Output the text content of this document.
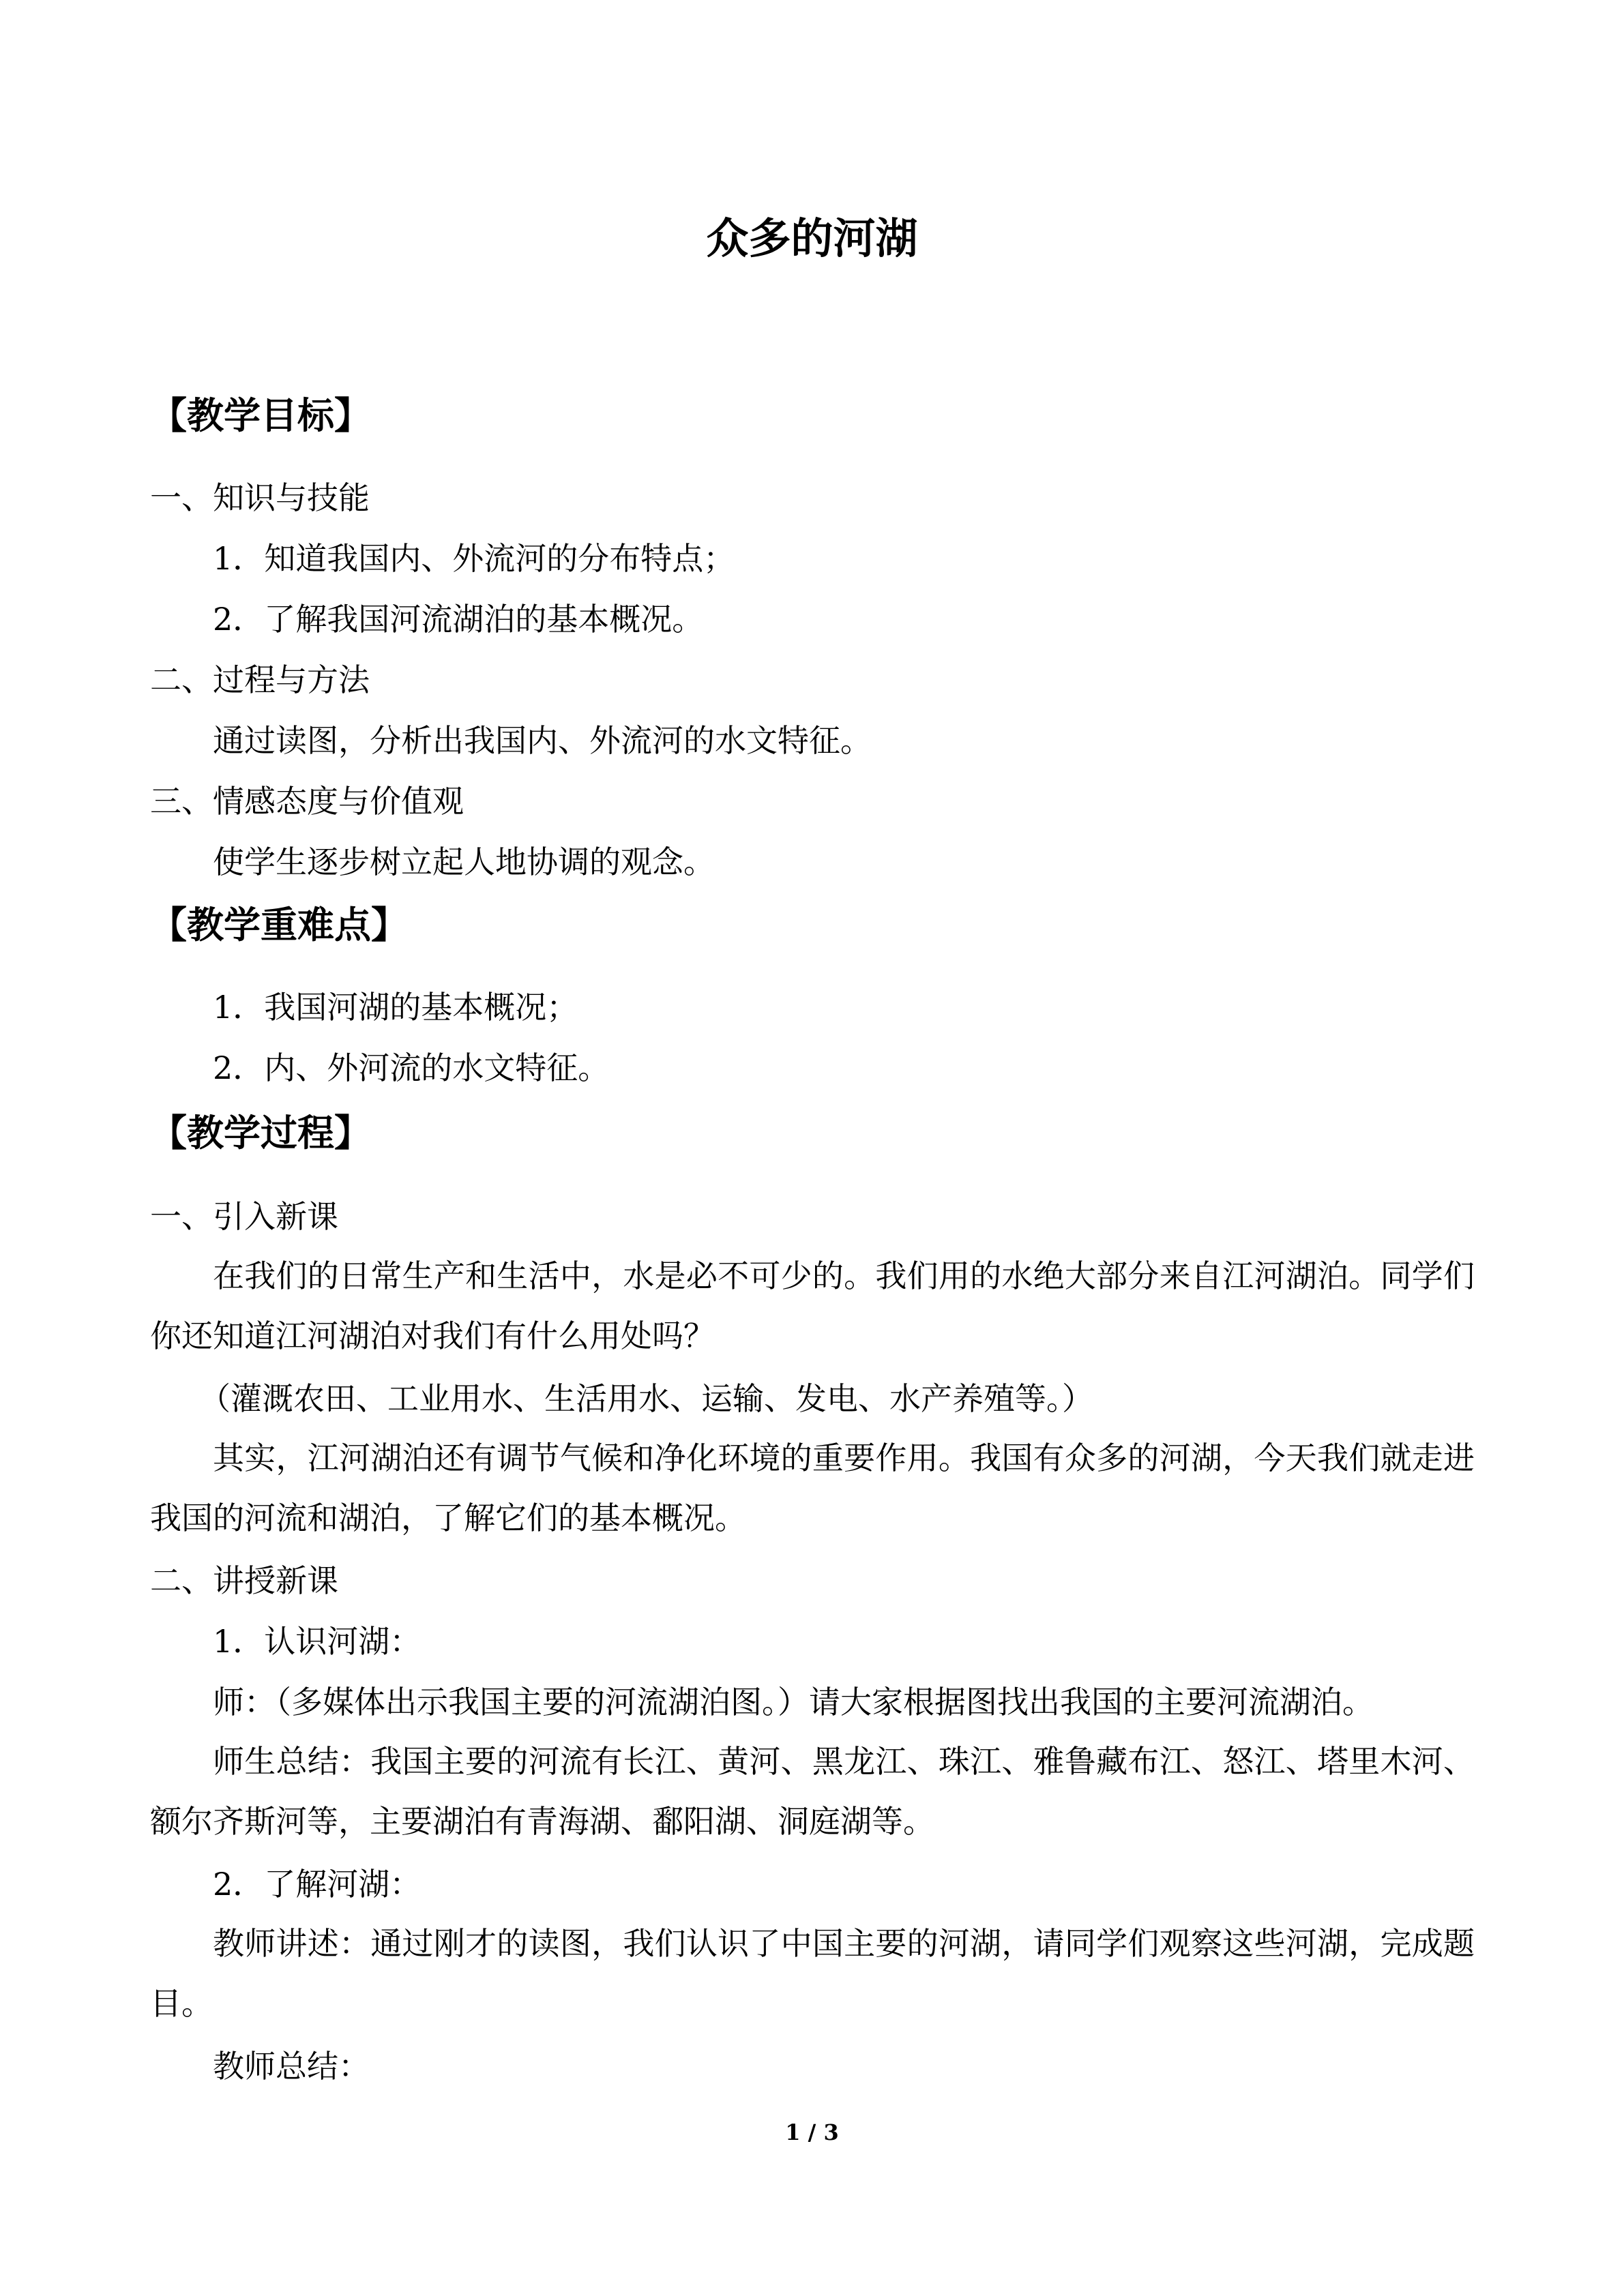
众多的河湖
【教学目标】

一、知识与技能

1．知道我国内、外流河的分布特点；

2．了解我国河流湖泊的基本概况。

二、过程与方法

通过读图，分析出我国内、外流河的水文特征。

三、情感态度与价值观

使学生逐步树立起人地协调的观念。

【教学重难点】

1．我国河湖的基本概况；

2．内、外河流的水文特征。

【教学过程】

一、引入新课

在我们的日常生产和生活中，水是必不可少的。我们用的水绝大部分来自江河湖泊。同学们你还知道江河湖泊对我们有什么用处吗？

（灌溉农田、工业用水、生活用水、运输、发电、水产养殖等。）

其实，江河湖泊还有调节气候和净化环境的重要作用。我国有众多的河湖，今天我们就走进我国的河流和湖泊，了解它们的基本概况。

二、讲授新课

1．认识河湖：

师：（多媒体出示我国主要的河流湖泊图。）请大家根据图找出我国的主要河流湖泊。

师生总结：我国主要的河流有长江、黄河、黑龙江、珠江、雅鲁藏布江、怒江、塔里木河、额尔齐斯河等，主要湖泊有青海湖、鄱阳湖、洞庭湖等。

2．了解河湖：

教师讲述：通过刚才的读图，我们认识了中国主要的河湖，请同学们观察这些河湖，完成题目。

教师总结：

1 / 3
